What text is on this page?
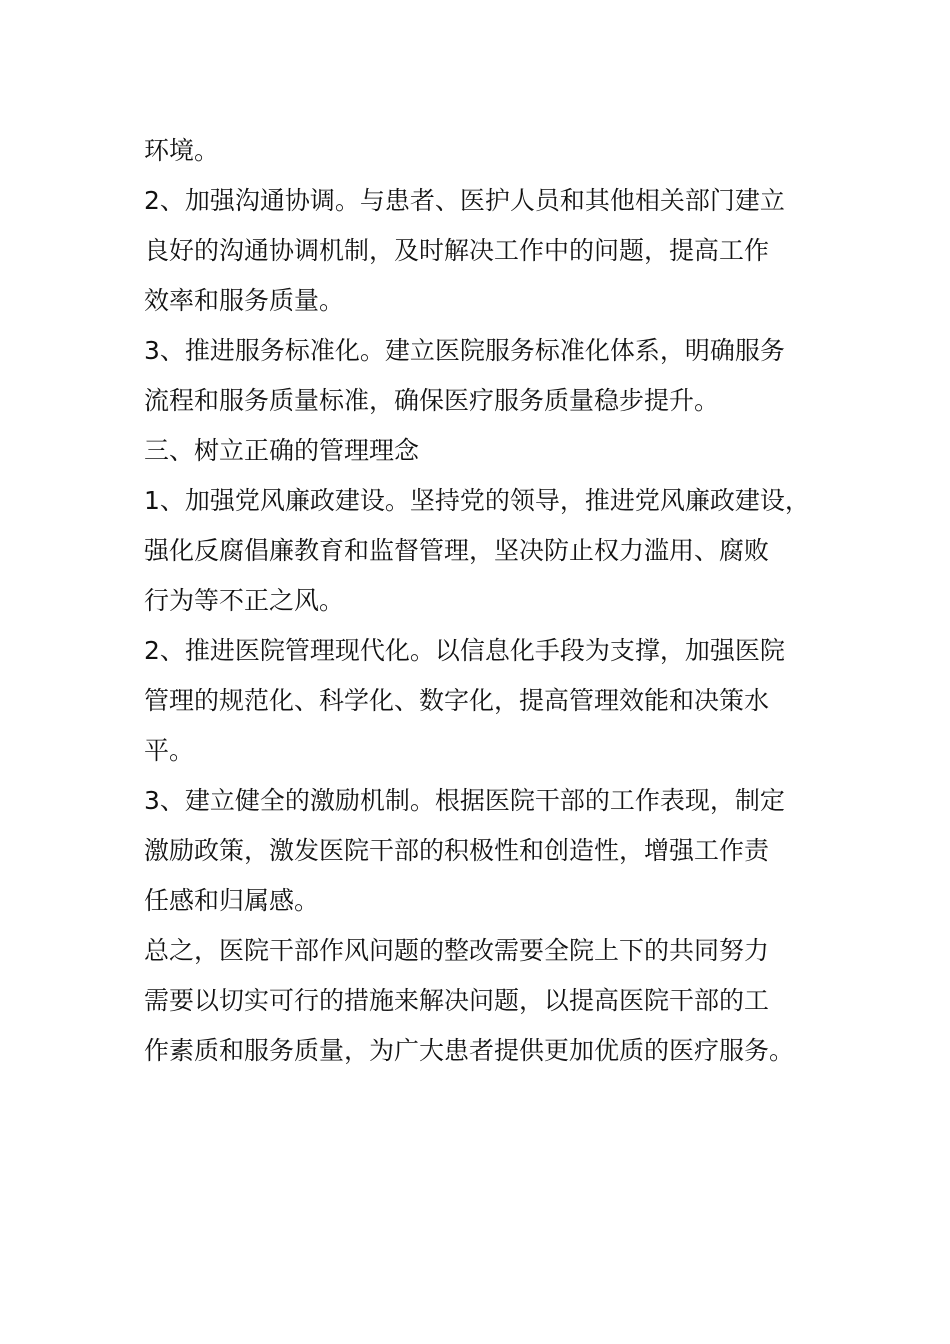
环境。
2、加强沟通协调。与患者、医护人员和其他相关部门建立
良好的沟通协调机制，及时解决工作中的问题，提高工作
效率和服务质量。
3、推进服务标准化。建立医院服务标准化体系，明确服务
流程和服务质量标准，确保医疗服务质量稳步提升。
三、树立正确的管理理念
1、加强党风廉政建设。坚持党的领导，推进党风廉政建设，
强化反腐倡廉教育和监督管理，坚决防止权力滥用、腐败
行为等不正之风。
2、推进医院管理现代化。以信息化手段为支撑，加强医院
管理的规范化、科学化、数字化，提高管理效能和决策水
平。
3、建立健全的激励机制。根据医院干部的工作表现，制定
激励政策，激发医院干部的积极性和创造性，增强工作责
任感和归属感。
总之，医院干部作风问题的整改需要全院上下的共同努力
需要以切实可行的措施来解决问题，以提高医院干部的工
作素质和服务质量，为广大患者提供更加优质的医疗服务。
